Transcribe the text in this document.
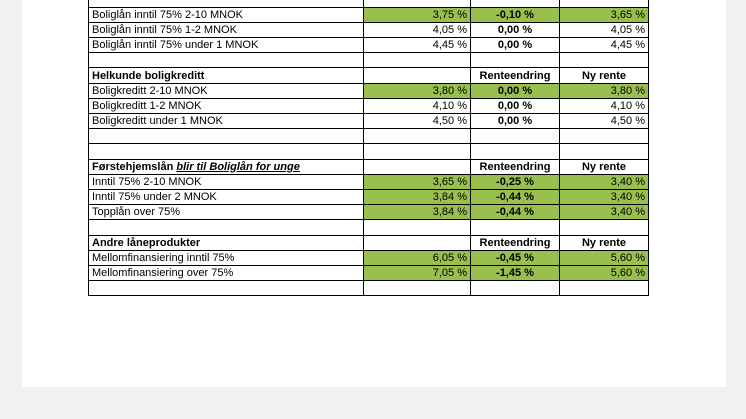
Boliglån inntil 75% 2-10 MNOK	3,75 %	-0,10 %	3,65 %
Boliglån inntil 75% 1-2 MNOK	4,05 %	0,00 %	4,05 %
Boliglån inntil 75% under 1 MNOK	4,45 %	0,00 %	4,45 %

Helkunde boligkreditt		Renteendring	Ny rente
Boligkreditt 2-10 MNOK	3,80 %	0,00 %	3,80 %
Boligkreditt 1-2 MNOK	4,10 %	0,00 %	4,10 %
Boligkreditt under 1 MNOK	4,50 %	0,00 %	4,50 %

Førstehjemslån blir til Boliglån for unge		Renteendring	Ny rente
Inntil 75% 2-10 MNOK	3,65 %	-0,25 %	3,40 %
Inntil 75% under 2 MNOK	3,84 %	-0,44 %	3,40 %
Topplån over 75%	3,84 %	-0,44 %	3,40 %

Andre låneprodukter		Renteendring	Ny rente
Mellomfinansiering inntil 75%	6,05 %	-0,45 %	5,60 %
Mellomfinansiering over 75%	7,05 %	-1,45 %	5,60 %
